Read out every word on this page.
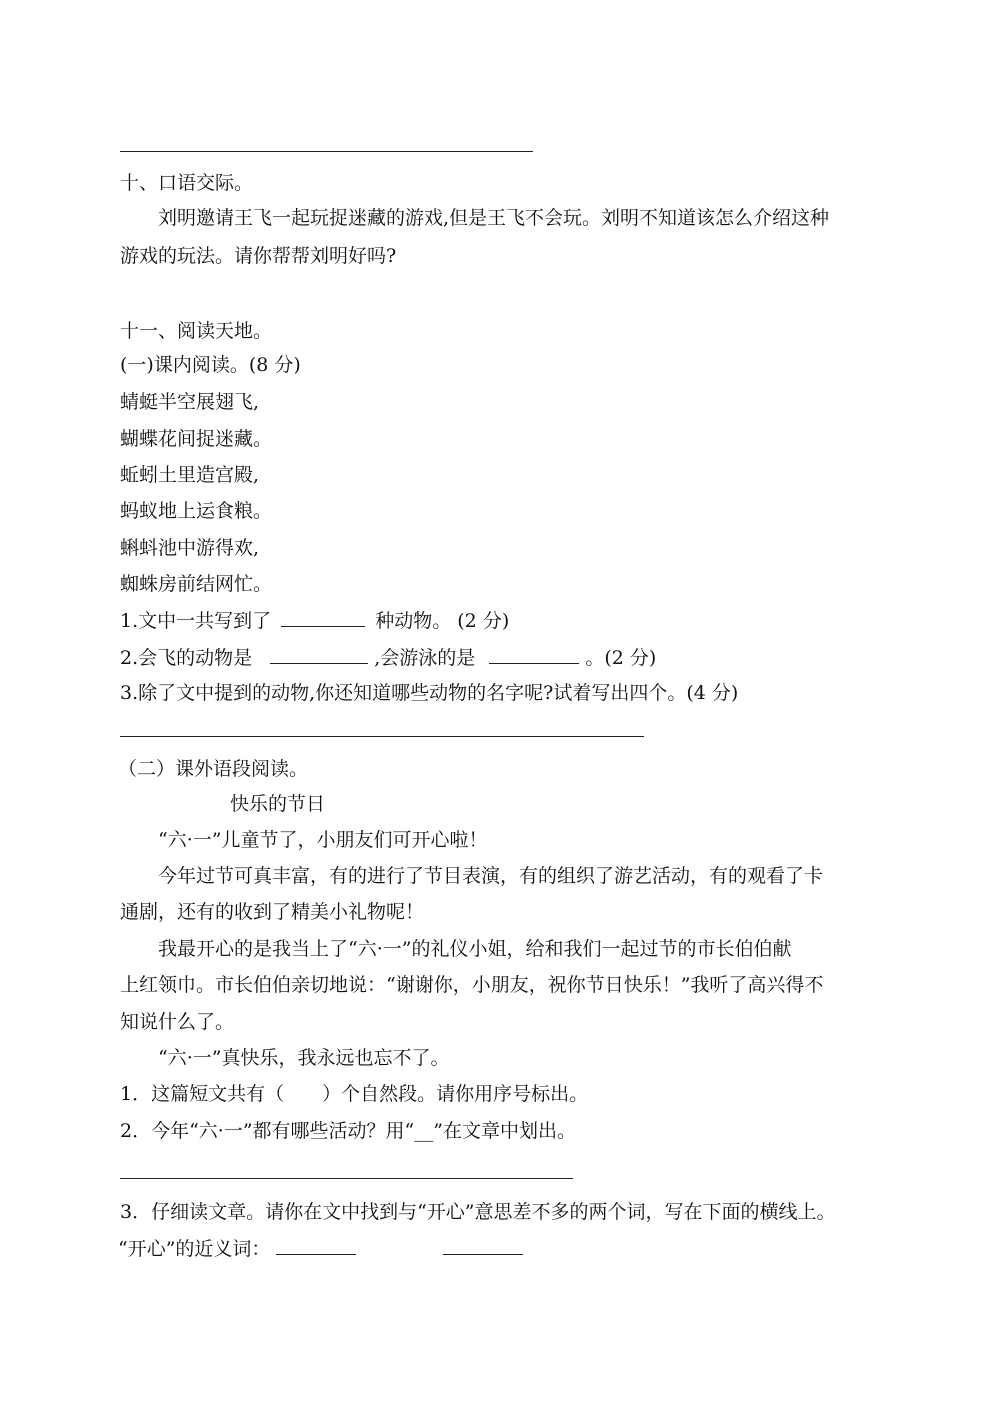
十、口语交际。
刘明邀请王飞一起玩捉迷藏的游戏,但是王飞不会玩。刘明不知道该怎么介绍这种
游戏的玩法。请你帮帮刘明好吗?
十一、阅读天地。
(一)课内阅读。(8 分)
蜻蜓半空展翅飞,
蝴蝶花间捉迷藏。
蚯蚓土里造宫殿,
蚂蚁地上运食粮。
蝌蚪池中游得欢,
蜘蛛房前结网忙。
1.文中一共写到了	种动物。 (2 分)
2.会飞的动物是	,会游泳的是	。(2 分)
3.除了文中提到的动物,你还知道哪些动物的名字呢?试着写出四个。(4 分)
（二）课外语段阅读。
快乐的节日
“六·一”儿童节了，小朋友们可开心啦！
今年过节可真丰富，有的进行了节目表演，有的组织了游艺活动，有的观看了卡
通剧，还有的收到了精美小礼物呢！
我最开心的是我当上了“六·一”的礼仪小姐，给和我们一起过节的市长伯伯献
上红领巾。市长伯伯亲切地说：“谢谢你，小朋友，祝你节日快乐！”我听了高兴得不
知说什么了。
“六·一”真快乐，我永远也忘不了。
1．这篇短文共有（　　）个自然段。请你用序号标出。
2．今年“六·一”都有哪些活动？用“__”在文章中划出。
3．仔细读文章。请你在文中找到与“开心”意思差不多的两个词，写在下面的横线上。
“开心”的近义词：
